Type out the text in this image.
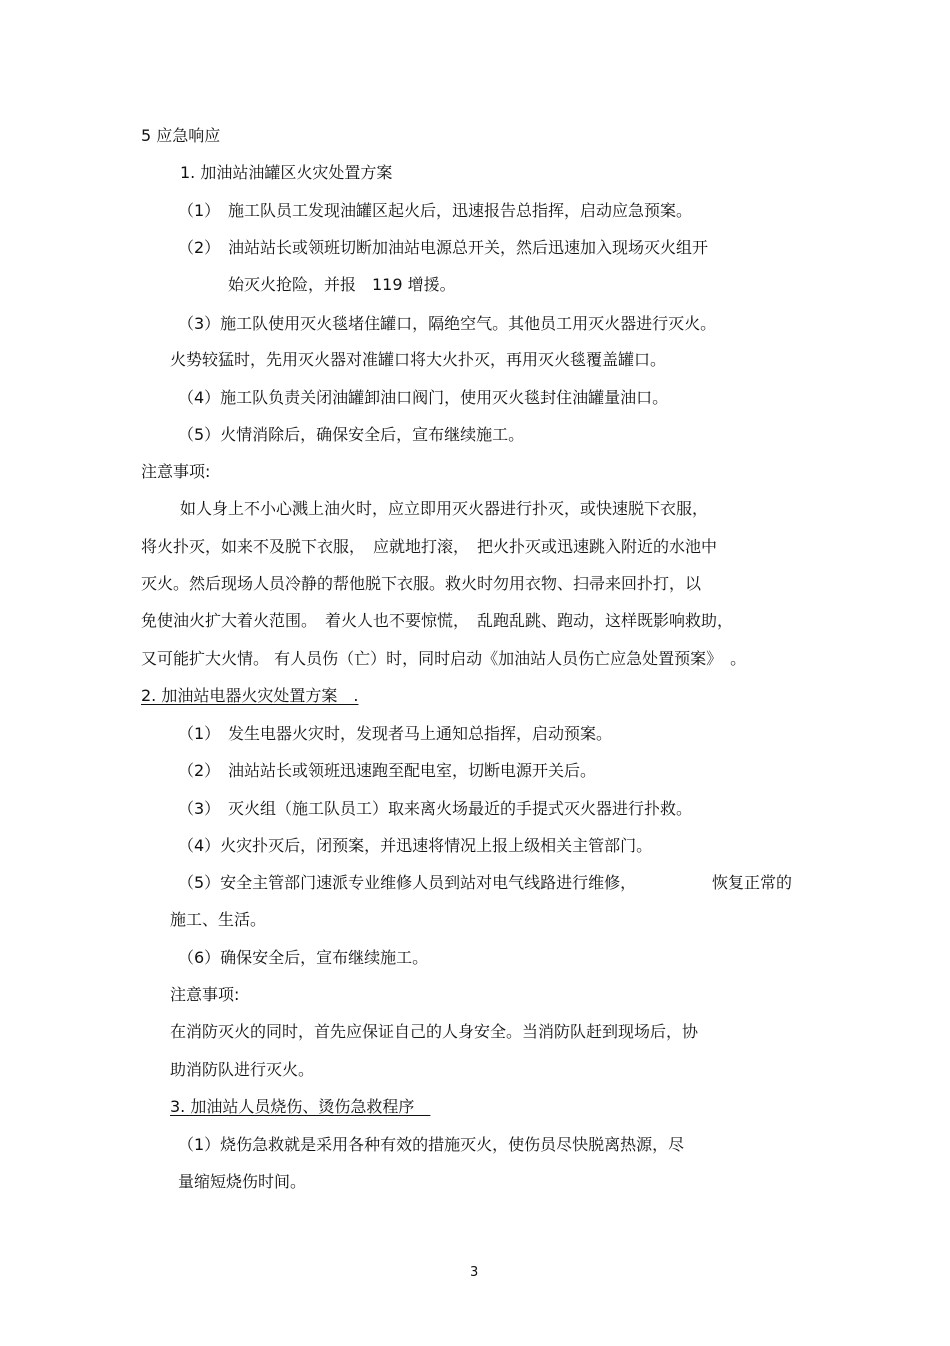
5 应急响应
1. 加油站油罐区火灾处置方案
（1） 施工队员工发现油罐区起火后，迅速报告总指挥，启动应急预案。
（2） 油站站长或领班切断加油站电源总开关，然后迅速加入现场灭火组开
始灭火抢险，并报　119 增援。
（3）施工队使用灭火毯堵住罐口，隔绝空气。其他员工用灭火器进行灭火。
火势较猛时，先用灭火器对准罐口将大火扑灭，再用灭火毯覆盖罐口。
（4）施工队负责关闭油罐卸油口阀门，使用灭火毯封住油罐量油口。
（5）火情消除后，确保安全后，宣布继续施工。
注意事项:
如人身上不小心溅上油火时，应立即用灭火器进行扑灭，或快速脱下衣服，
将火扑灭，如来不及脱下衣服，　应就地打滚，　把火扑灭或迅速跳入附近的水池中
灭火。然后现场人员冷静的帮他脱下衣服。救火时勿用衣物、扫帚来回扑打，以
免使油火扩大着火范围。　着火人也不要惊慌，　乱跑乱跳、跑动，这样既影响救助，
又可能扩大火情。 有人员伤（亡）时，同时启动《加油站人员伤亡应急处置预案》　。
2. 加油站电器火灾处置方案　.
（1） 发生电器火灾时，发现者马上通知总指挥，启动预案。
（2） 油站站长或领班迅速跑至配电室，切断电源开关后。
（3） 灭火组（施工队员工）取来离火场最近的手提式灭火器进行扑救。
（4）火灾扑灭后，闭预案，并迅速将情况上报上级相关主管部门。
（5）安全主管部门速派专业维修人员到站对电气线路进行维修，	恢复正常的
施工、生活。
（6）确保安全后，宣布继续施工。
注意事项:
在消防灭火的同时，首先应保证自己的人身安全。当消防队赶到现场后，协
助消防队进行灭火。
3. 加油站人员烧伤、烫伤急救程序　
（1）烧伤急救就是采用各种有效的措施灭火，使伤员尽快脱离热源，尽
量缩短烧伤时间。
3
